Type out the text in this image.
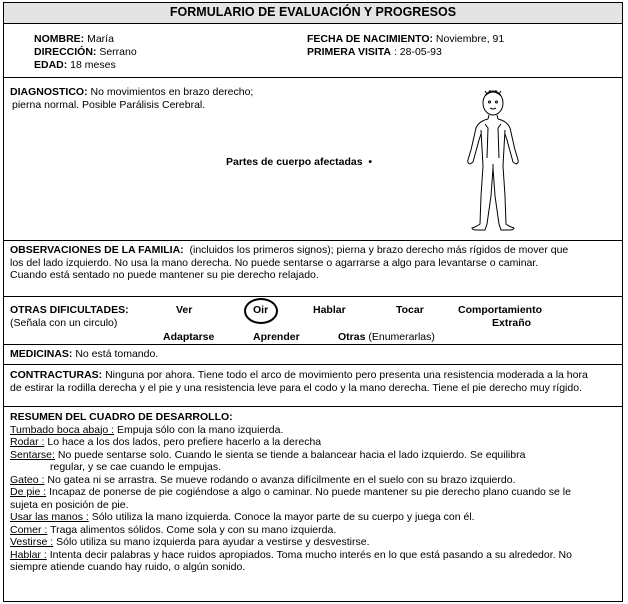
FORMULARIO DE EVALUACIÓN Y PROGRESOS
NOMBRE: María
DIRECCIÓN: Serrano
EDAD: 18 meses
FECHA DE NACIMIENTO: Noviembre, 91
PRIMERA VISITA : 28-05-93
DIAGNOSTICO: No movimientos en brazo derecho;
pierna normal. Posible Parálisis Cerebral.
Partes de cuerpo afectadas •
OBSERVACIONES DE LA FAMILIA: (incluidos los primeros signos); pierna y brazo derecho más rígidos de mover que
los del lado izquierdo. No usa la mano derecha. No puede sentarse o agarrarse a algo para levantarse o caminar.
Cuando está sentado no puede mantener su pie derecho relajado.
OTRAS DIFICULTADES:
(Señala con un circulo)
Ver	Oir	Hablar	Tocar	Comportamiento
Extraño
Adaptarse	Aprender	Otras (Enumerarlas)
MEDICINAS: No está tomando.
CONTRACTURAS: Ninguna por ahora. Tiene todo el arco de movimiento pero presenta una resistencia moderada a la hora
de estirar la rodilla derecha y el pie y una resistencia leve para el codo y la mano derecha. Tiene el pie derecho muy rígido.
RESUMEN DEL CUADRO DE DESARROLLO:
Tumbado boca abajo : Empuja sólo con la mano izquierda.
Rodar : Lo hace a los dos lados, pero prefiere hacerlo a la derecha
Sentarse: No puede sentarse solo. Cuando le sienta se tiende a balancear hacia el lado izquierdo. Se equilibra
regular, y se cae cuando le empujas.
Gateo : No gatea ni se arrastra. Se mueve rodando o avanza difícilmente en el suelo con su brazo izquierdo.
De pie : Incapaz de ponerse de pie cogiéndose a algo o caminar. No puede mantener su pie derecho plano cuando se le
sujeta en posición de pie.
Usar las manos : Sólo utiliza la mano izquierda. Conoce la mayor parte de su cuerpo y juega con él.
Comer : Traga alimentos sólidos. Come sola y con su mano izquierda.
Vestirse : Sólo utiliza su mano izquierda para ayudar a vestirse y desvestirse.
Hablar : Intenta decir palabras y hace ruidos apropiados. Toma mucho interés en lo que está pasando a su alrededor. No
siempre atiende cuando hay ruido, o algún sonido.
